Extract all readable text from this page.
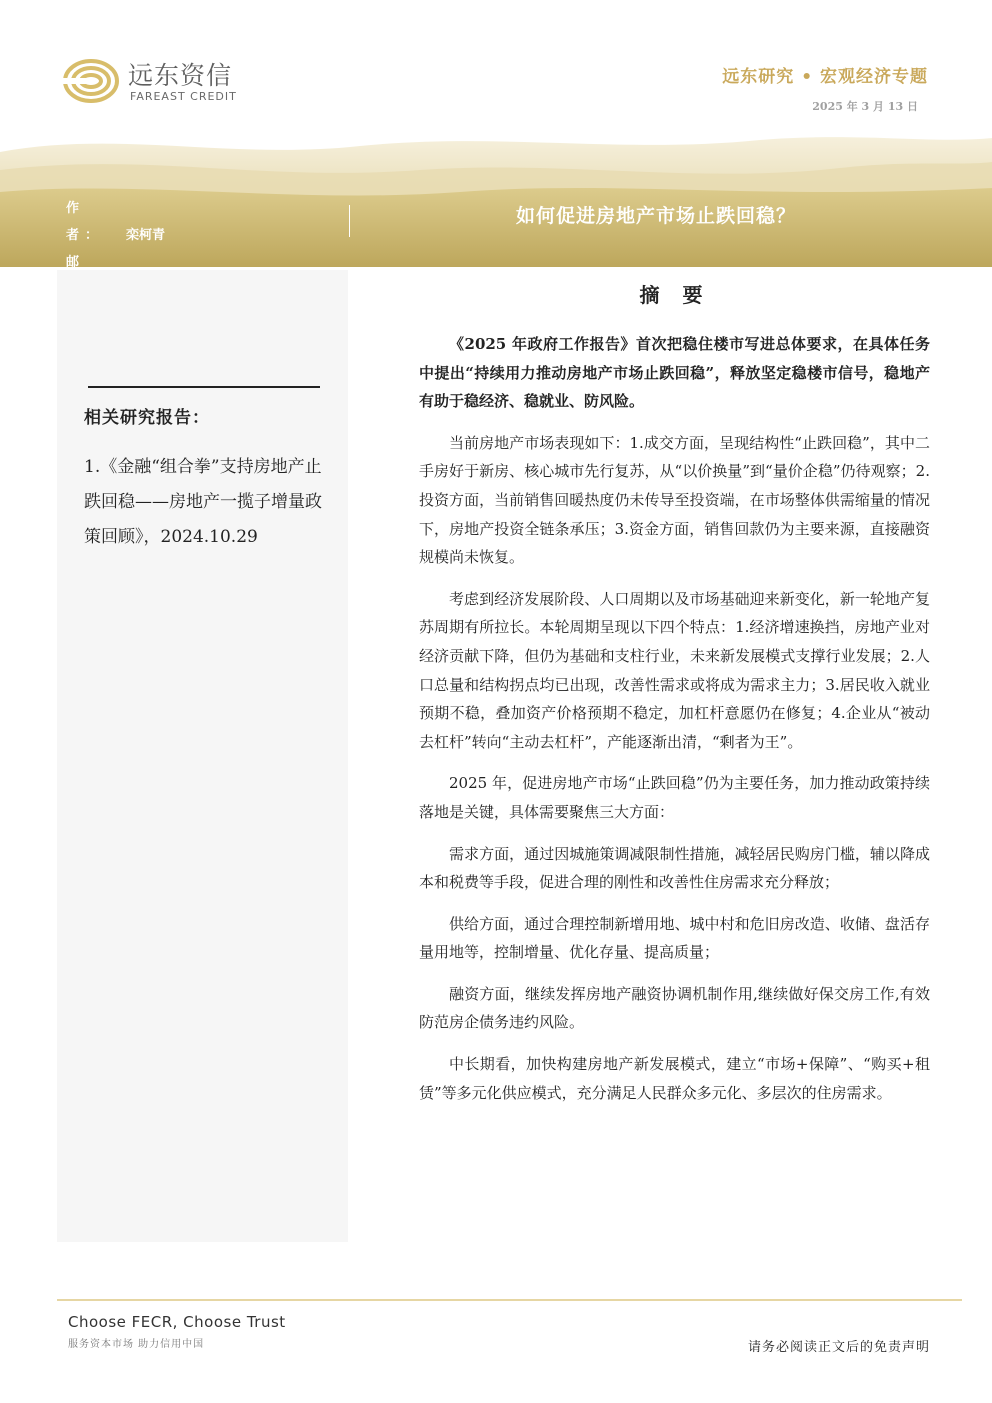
远东资信
FAREAST CREDIT
远东研究 • 宏观经济专题
2025 年 3 月 13 日
作 者： 栾柯青
邮
如何促进房地产市场止跌回稳？
相关研究报告：
1.《金融“组合拳”支持房地产止跌回稳——房地产一揽子增量政策回顾》，2024.10.29
摘 要

《2025 年政府工作报告》首次把稳住楼市写进总体要求，在具体任务中提出“持续用力推动房地产市场止跌回稳”，释放坚定稳楼市信号，稳地产有助于稳经济、稳就业、防风险。

当前房地产市场表现如下：1.成交方面，呈现结构性“止跌回稳”，其中二手房好于新房、核心城市先行复苏，从“以价换量”到“量价企稳”仍待观察；2.投资方面，当前销售回暖热度仍未传导至投资端，在市场整体供需缩量的情况下，房地产投资全链条承压；3.资金方面，销售回款仍为主要来源，直接融资规模尚未恢复。

考虑到经济发展阶段、人口周期以及市场基础迎来新变化，新一轮地产复苏周期有所拉长。本轮周期呈现以下四个特点：1.经济增速换挡，房地产业对经济贡献下降，但仍为基础和支柱行业，未来新发展模式支撑行业发展；2.人口总量和结构拐点均已出现，改善性需求或将成为需求主力；3.居民收入就业预期不稳，叠加资产价格预期不稳定，加杠杆意愿仍在修复；4.企业从“被动去杠杆”转向“主动去杠杆”，产能逐渐出清，“剩者为王”。

2025 年，促进房地产市场“止跌回稳”仍为主要任务，加力推动政策持续落地是关键，具体需要聚焦三大方面：

需求方面，通过因城施策调减限制性措施，减轻居民购房门槛，辅以降成本和税费等手段，促进合理的刚性和改善性住房需求充分释放；

供给方面，通过合理控制新增用地、城中村和危旧房改造、收储、盘活存量用地等，控制增量、优化存量、提高质量；

融资方面，继续发挥房地产融资协调机制作用,继续做好保交房工作,有效防范房企债务违约风险。

中长期看，加快构建房地产新发展模式，建立“市场+保障”、“购买+租赁”等多元化供应模式，充分满足人民群众多元化、多层次的住房需求。

Choose FECR, Choose Trust
服务资本市场 助力信用中国	请务必阅读正文后的免责声明
